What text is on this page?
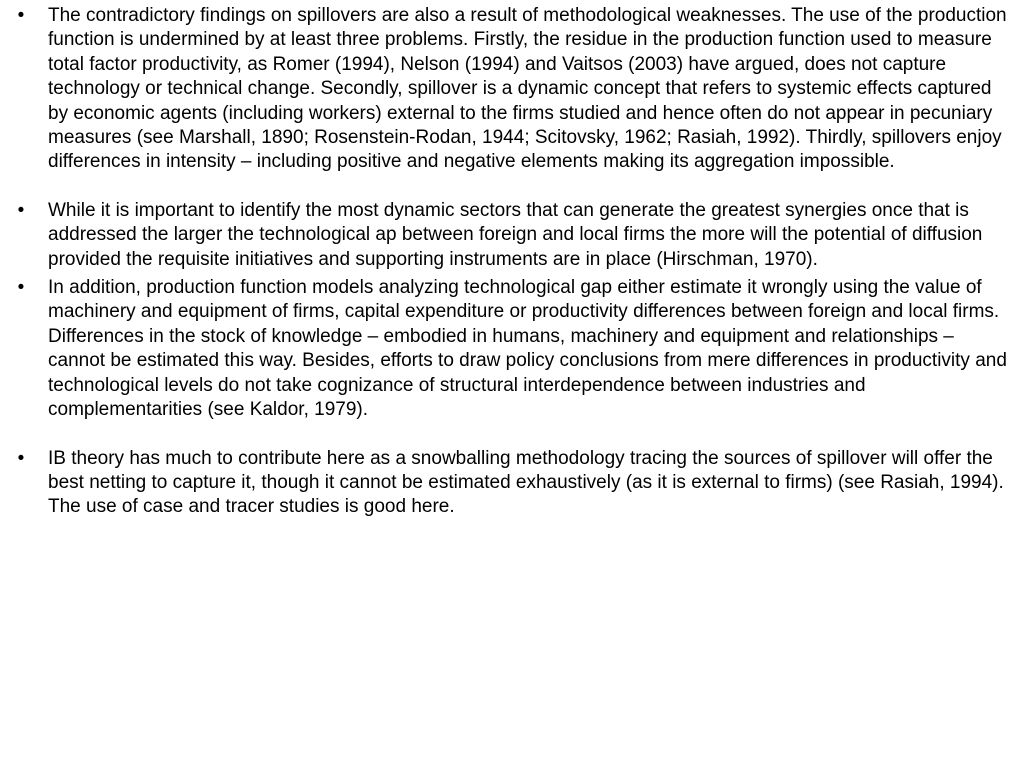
• The contradictory findings on spillovers are also a result of methodological weaknesses. The use of the production function is undermined by at least three problems. Firstly, the residue in the production function used to measure total factor productivity, as Romer (1994), Nelson (1994) and Vaitsos (2003) have argued, does not capture technology or technical change. Secondly, spillover is a dynamic concept that refers to systemic effects captured by economic agents (including workers) external to the firms studied and hence often do not appear in pecuniary measures (see Marshall, 1890; Rosenstein-Rodan, 1944; Scitovsky, 1962; Rasiah, 1992). Thirdly, spillovers enjoy differences in intensity – including positive and negative elements making its aggregation impossible.
• While it is important to identify the most dynamic sectors that can generate the greatest synergies once that is addressed the larger the technological ap between foreign and local firms the more will the potential of diffusion provided the requisite initiatives and supporting instruments are in place (Hirschman, 1970).
• In addition, production function models analyzing technological gap either estimate it wrongly using the value of machinery and equipment of firms, capital expenditure or productivity differences between foreign and local firms. Differences in the stock of knowledge – embodied in humans, machinery and equipment and relationships – cannot be estimated this way. Besides, efforts to draw policy conclusions from mere differences in productivity and technological levels do not take cognizance of structural interdependence between industries and complementarities (see Kaldor, 1979).
• IB theory has much to contribute here as a snowballing methodology tracing the sources of spillover will offer the best netting to capture it, though it cannot be estimated exhaustively (as it is external to firms) (see Rasiah, 1994). The use of case and tracer studies is good here.
